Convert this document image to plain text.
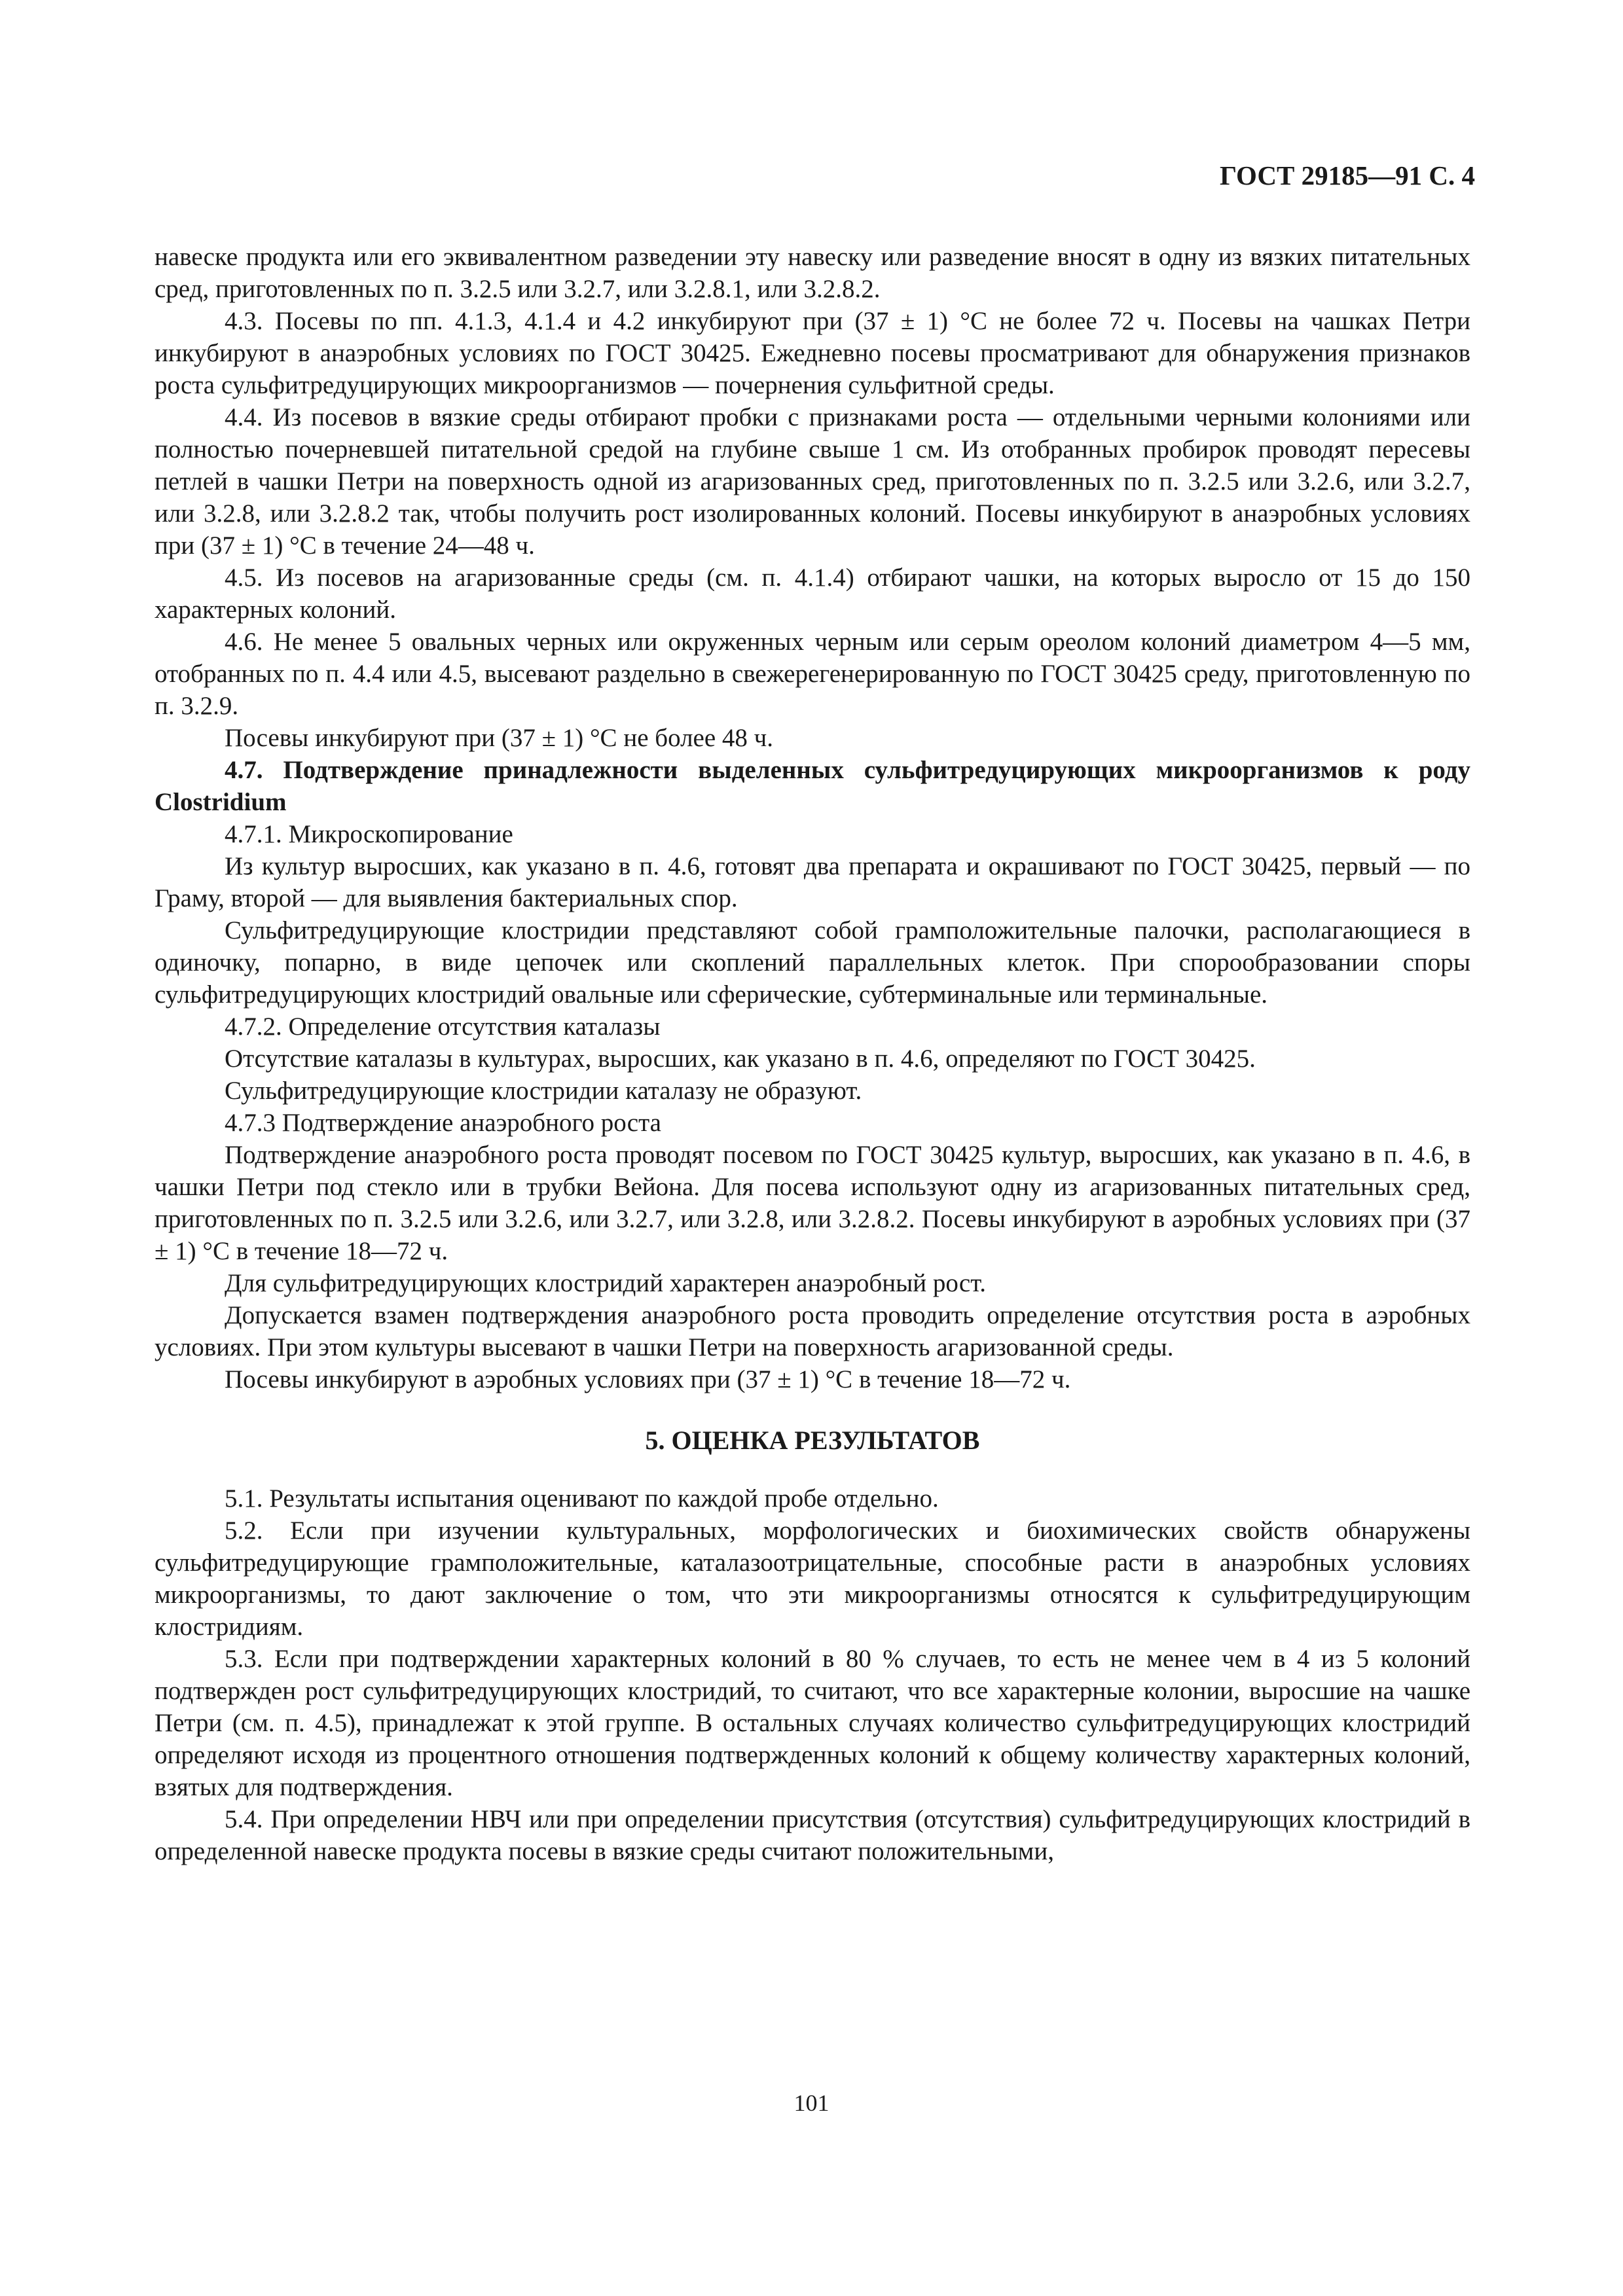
ГОСТ 29185—91 С. 4

навеске продукта или его эквивалентном разведении эту навеску или разведение вносят в одну из вязких питательных сред, приготовленных по п. 3.2.5 или 3.2.7, или 3.2.8.1, или 3.2.8.2.

4.3. Посевы по пп. 4.1.3, 4.1.4 и 4.2 инкубируют при (37 ± 1) °С не более 72 ч. Посевы на чашках Петри инкубируют в анаэробных условиях по ГОСТ 30425. Ежедневно посевы просматривают для обнаружения признаков роста сульфитредуцирующих микроорганизмов — почернения сульфитной среды.

4.4. Из посевов в вязкие среды отбирают пробки с признаками роста — отдельными черными колониями или полностью почерневшей питательной средой на глубине свыше 1 см. Из отобранных пробирок проводят пересевы петлей в чашки Петри на поверхность одной из агаризованных сред, приготовленных по п. 3.2.5 или 3.2.6, или 3.2.7, или 3.2.8, или 3.2.8.2 так, чтобы получить рост изолированных колоний. Посевы инкубируют в анаэробных условиях при (37 ± 1) °С в течение 24—48 ч.

4.5. Из посевов на агаризованные среды (см. п. 4.1.4) отбирают чашки, на которых выросло от 15 до 150 характерных колоний.

4.6. Не менее 5 овальных черных или окруженных черным или серым ореолом колоний диаметром 4—5 мм, отобранных по п. 4.4 или 4.5, высевают раздельно в свежерегенерированную по ГОСТ 30425 среду, приготовленную по п. 3.2.9.

Посевы инкубируют при (37 ± 1) °С не более 48 ч.

4.7. Подтверждение принадлежности выделенных сульфитредуцирующих микроорганизмов к роду Clostridium

4.7.1. Микроскопирование

Из культур выросших, как указано в п. 4.6, готовят два препарата и окрашивают по ГОСТ 30425, первый — по Граму, второй — для выявления бактериальных спор.

Сульфитредуцирующие клостридии представляют собой грамположительные палочки, располагающиеся в одиночку, попарно, в виде цепочек или скоплений параллельных клеток. При спорообразовании споры сульфитредуцирующих клостридий овальные или сферические, субтерминальные или терминальные.

4.7.2. Определение отсутствия каталазы

Отсутствие каталазы в культурах, выросших, как указано в п. 4.6, определяют по ГОСТ 30425.

Сульфитредуцирующие клостридии каталазу не образуют.

4.7.3 Подтверждение анаэробного роста

Подтверждение анаэробного роста проводят посевом по ГОСТ 30425 культур, выросших, как указано в п. 4.6, в чашки Петри под стекло или в трубки Вейона. Для посева используют одну из агаризованных питательных сред, приготовленных по п. 3.2.5 или 3.2.6, или 3.2.7, или 3.2.8, или 3.2.8.2. Посевы инкубируют в аэробных условиях при (37 ± 1) °С в течение 18—72 ч.

Для сульфитредуцирующих клостридий характерен анаэробный рост.

Допускается взамен подтверждения анаэробного роста проводить определение отсутствия роста в аэробных условиях. При этом культуры высевают в чашки Петри на поверхность агаризованной среды.

Посевы инкубируют в аэробных условиях при (37 ± 1) °С в течение 18—72 ч.

5. ОЦЕНКА РЕЗУЛЬТАТОВ

5.1. Результаты испытания оценивают по каждой пробе отдельно.

5.2. Если при изучении культуральных, морфологических и биохимических свойств обнаружены сульфитредуцирующие грамположительные, каталазоотрицательные, способные расти в анаэробных условиях микроорганизмы, то дают заключение о том, что эти микроорганизмы относятся к сульфитредуцирующим клостридиям.

5.3. Если при подтверждении характерных колоний в 80 % случаев, то есть не менее чем в 4 из 5 колоний подтвержден рост сульфитредуцирующих клостридий, то считают, что все характерные колонии, выросшие на чашке Петри (см. п. 4.5), принадлежат к этой группе. В остальных случаях количество сульфитредуцирующих клостридий определяют исходя из процентного отношения подтвержденных колоний к общему количеству характерных колоний, взятых для подтверждения.

5.4. При определении НВЧ или при определении присутствия (отсутствия) сульфитредуцирующих клостридий в определенной навеске продукта посевы в вязкие среды считают положительными,

101
